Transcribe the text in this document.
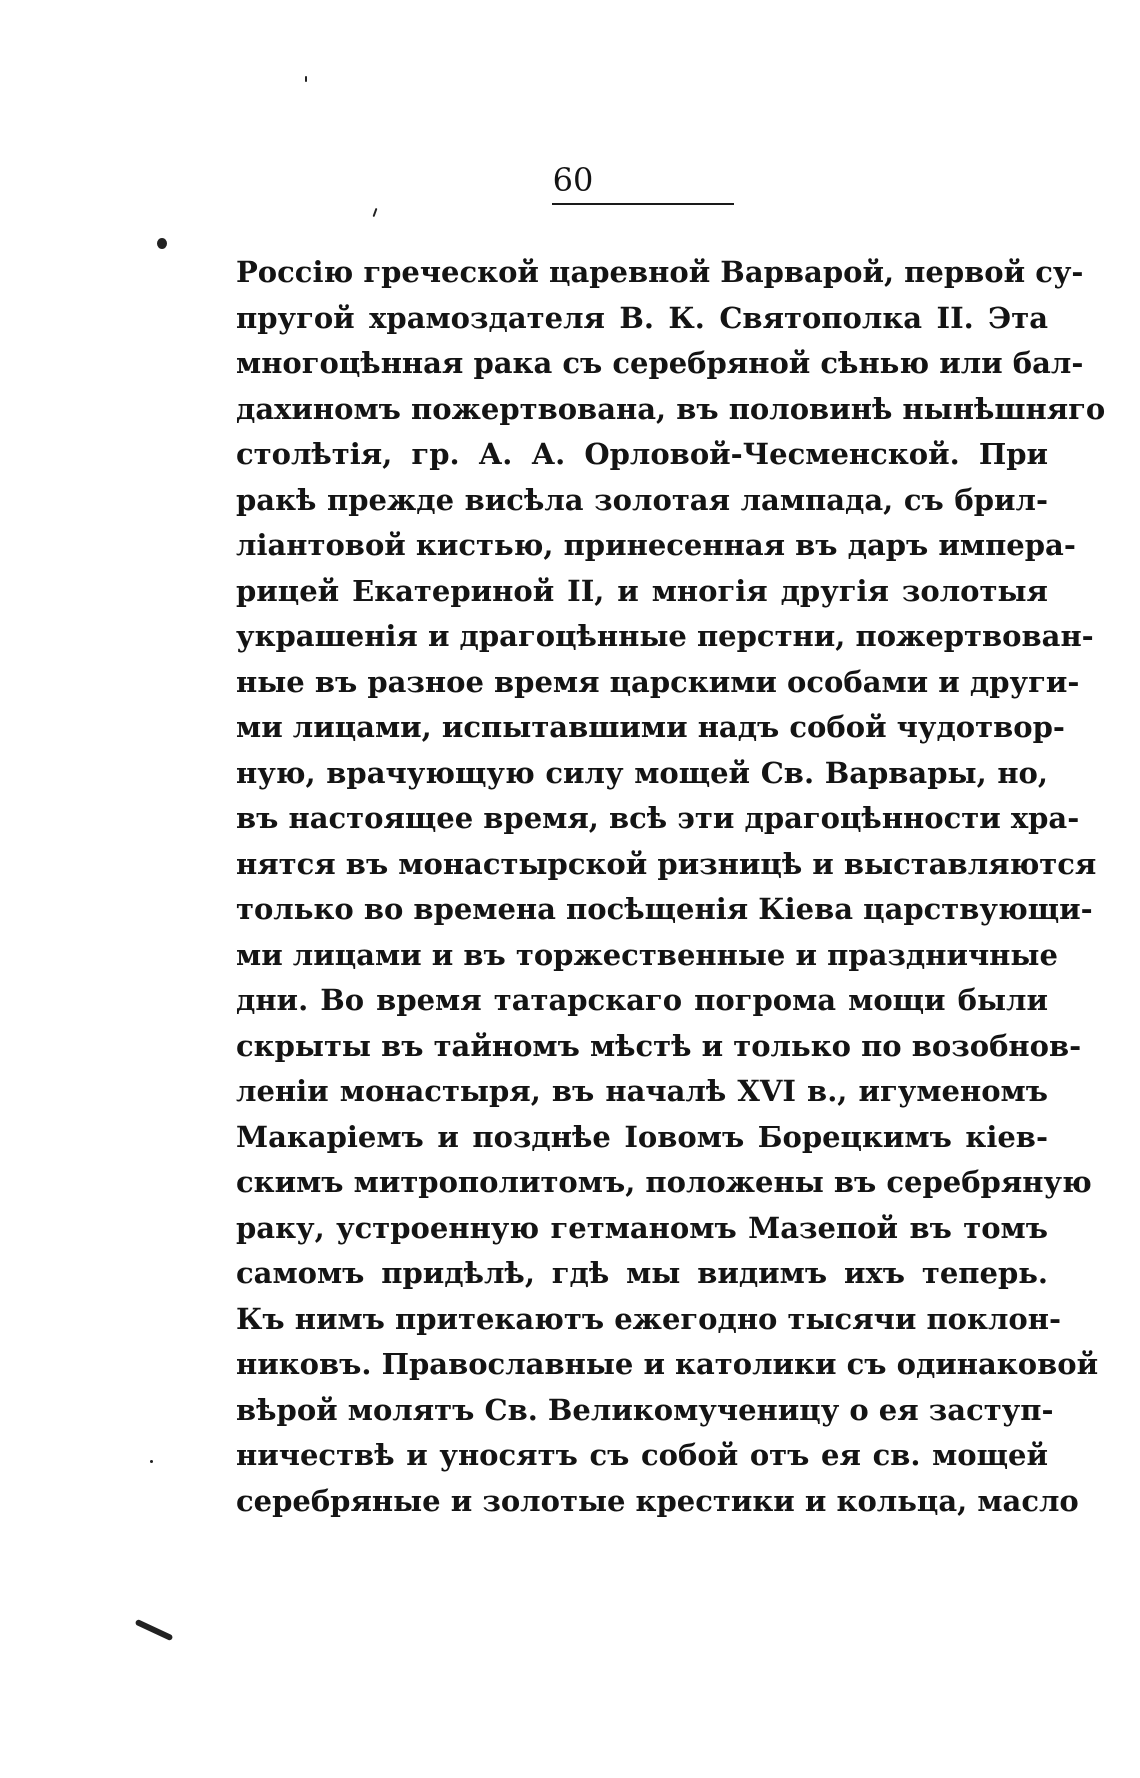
60
Россію греческой царевной Варварой, первой су-
пругой храмоздателя В. К. Святополка II. Эта
многоцѣнная рака съ серебряной сѣнью или бал-
дахиномъ пожертвована, въ половинѣ нынѣшняго
столѣтія, гр. А. А. Орловой-Чесменской. При
ракѣ прежде висѣла золотая лампада, съ брил-
ліантовой кистью, принесенная въ даръ импера-
рицей Екатериной II, и многія другія золотыя
украшенія и драгоцѣнные перстни, пожертвован-
ные въ разное время царскими особами и други-
ми лицами, испытавшими надъ собой чудотвор-
ную, врачующую силу мощей Св. Варвары, но,
въ настоящее время, всѣ эти драгоцѣнности хра-
нятся въ монастырской ризницѣ и выставляются
только во времена посѣщенія Кіева царствующи-
ми лицами и въ торжественные и праздничные
дни. Во время татарскаго погрома мощи были
скрыты въ тайномъ мѣстѣ и только по возобнов-
леніи монастыря, въ началѣ XVI в., игуменомъ
Макаріемъ и позднѣе Іовомъ Борецкимъ кіев-
скимъ митрополитомъ, положены въ серебряную
раку, устроенную гетманомъ Мазепой въ томъ
самомъ придѣлѣ, гдѣ мы видимъ ихъ теперь.
Къ нимъ притекаютъ ежегодно тысячи поклон-
никовъ. Православные и католики съ одинаковой
вѣрой молятъ Св. Великомученицу о ея заступ-
ничествѣ и уносятъ съ собой отъ ея св. мощей
серебряные и золотые крестики и кольца, масло
